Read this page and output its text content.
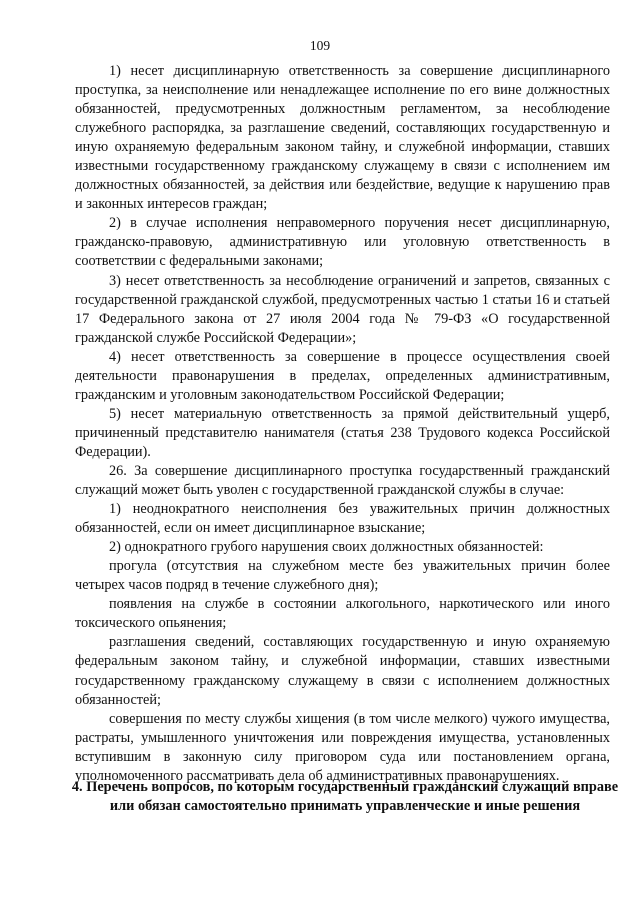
109

1) несет дисциплинарную ответственность за совершение дисциплинарного проступка, за неисполнение или ненадлежащее исполнение по его вине должностных обязанностей, предусмотренных должностным регламентом, за несоблюдение служебного распорядка, за разглашение сведений, составляющих государственную и иную охраняемую федеральным законом тайну, и служебной информации, ставших известными государственному гражданскому служащему в связи с исполнением им должностных обязанностей, за действия или бездействие, ведущие к нарушению прав и законных интересов граждан;

2) в случае исполнения неправомерного поручения несет дисциплинарную, гражданско-правовую, административную или уголовную ответственность в соответствии с федеральными законами;

3) несет ответственность за несоблюдение ограничений и запретов, связанных с государственной гражданской службой, предусмотренных частью 1 статьи 16 и статьей 17 Федерального закона от 27 июля 2004 года № 79-ФЗ «О государственной гражданской службе Российской Федерации»;

4) несет ответственность за совершение в процессе осуществления своей деятельности правонарушения в пределах, определенных административным, гражданским и уголовным законодательством Российской Федерации;

5) несет материальную ответственность за прямой действительный ущерб, причиненный представителю нанимателя (статья 238 Трудового кодекса Российской Федерации).

26. За совершение дисциплинарного проступка государственный гражданский служащий может быть уволен с государственной гражданской службы в случае:

1) неоднократного неисполнения без уважительных причин должностных обязанностей, если он имеет дисциплинарное взыскание;

2) однократного грубого нарушения своих должностных обязанностей:

прогула (отсутствия на служебном месте без уважительных причин более четырех часов подряд в течение служебного дня);

появления на службе в состоянии алкогольного, наркотического или иного токсического опьянения;

разглашения сведений, составляющих государственную и иную охраняемую федеральным законом тайну, и служебной информации, ставших известными государственному гражданскому служащему в связи с исполнением должностных обязанностей;

совершения по месту службы хищения (в том числе мелкого) чужого имущества, растраты, умышленного уничтожения или повреждения имущества, установленных вступившим в законную силу приговором суда или постановлением органа, уполномоченного рассматривать дела об административных правонарушениях.

4. Перечень вопросов, по которым государственный гражданский служащий вправе или обязан самостоятельно принимать управленческие и иные решения
